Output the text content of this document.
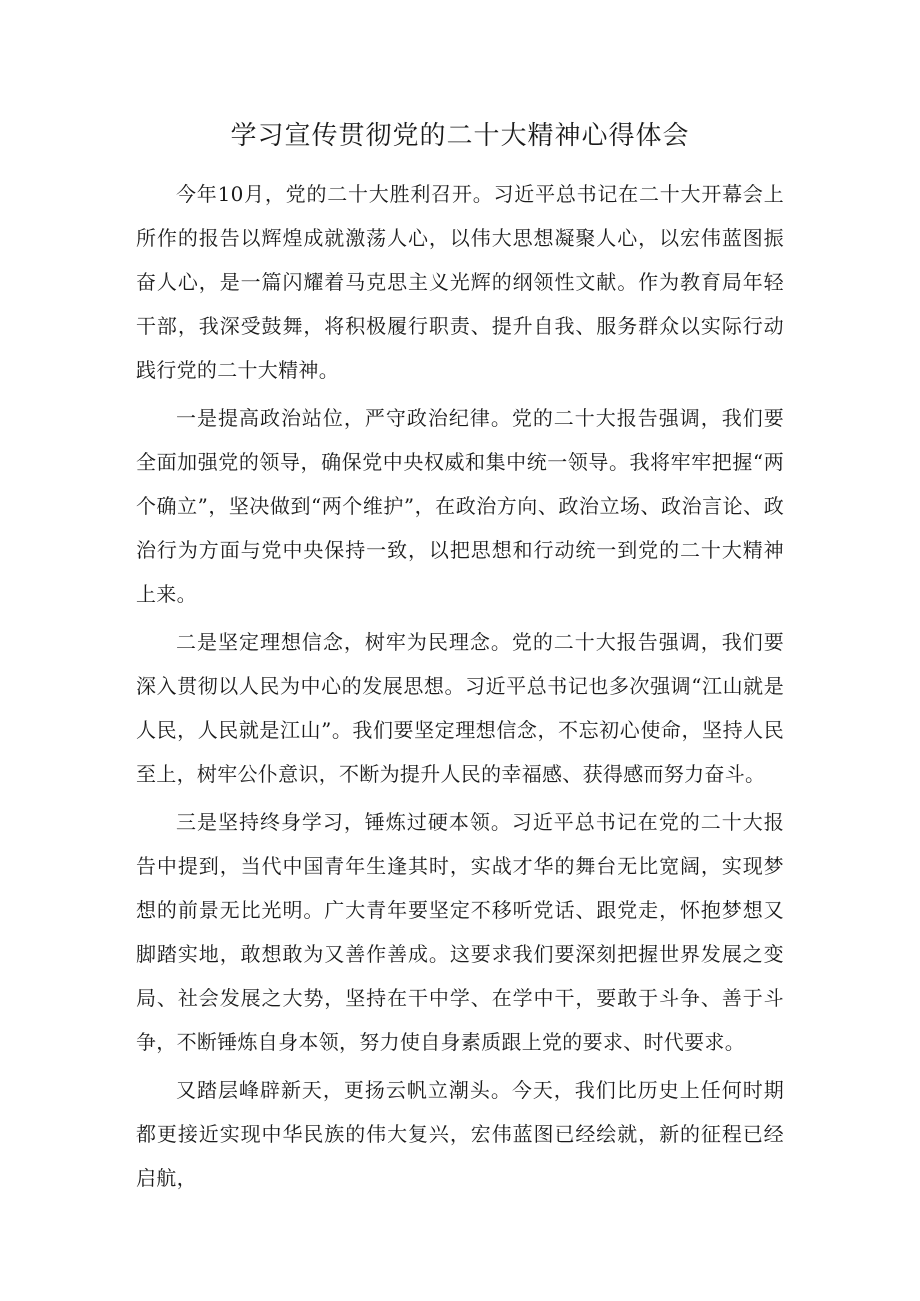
学习宣传贯彻党的二十大精神心得体会

今年10月，党的二十大胜利召开。习近平总书记在二十大开幕会上所作的报告以辉煌成就激荡人心，以伟大思想凝聚人心，以宏伟蓝图振奋人心，是一篇闪耀着马克思主义光辉的纲领性文献。作为教育局年轻干部，我深受鼓舞，将积极履行职责、提升自我、服务群众以实际行动践行党的二十大精神。

一是提高政治站位，严守政治纪律。党的二十大报告强调，我们要全面加强党的领导，确保党中央权威和集中统一领导。我将牢牢把握“两个确立”，坚决做到“两个维护”，在政治方向、政治立场、政治言论、政治行为方面与党中央保持一致，以把思想和行动统一到党的二十大精神上来。

二是坚定理想信念，树牢为民理念。党的二十大报告强调，我们要深入贯彻以人民为中心的发展思想。习近平总书记也多次强调“江山就是人民，人民就是江山”。我们要坚定理想信念，不忘初心使命，坚持人民至上，树牢公仆意识，不断为提升人民的幸福感、获得感而努力奋斗。

三是坚持终身学习，锤炼过硬本领。习近平总书记在党的二十大报告中提到，当代中国青年生逢其时，实战才华的舞台无比宽阔，实现梦想的前景无比光明。广大青年要坚定不移听党话、跟党走，怀抱梦想又脚踏实地，敢想敢为又善作善成。这要求我们要深刻把握世界发展之变局、社会发展之大势，坚持在干中学、在学中干，要敢于斗争、善于斗争，不断锤炼自身本领，努力使自身素质跟上党的要求、时代要求。

又踏层峰辟新天，更扬云帆立潮头。今天，我们比历史上任何时期都更接近实现中华民族的伟大复兴，宏伟蓝图已经绘就，新的征程已经启航，
